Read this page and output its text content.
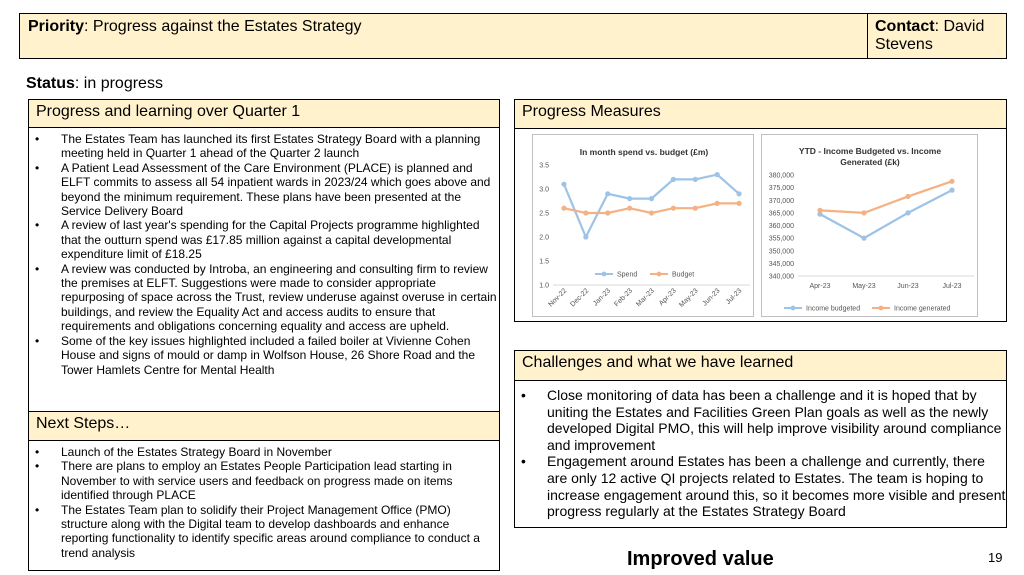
Priority: Progress against the Estates Strategy	Contact: David Stevens
Status: in progress
Progress and learning over Quarter 1
• The Estates Team has launched its first Estates Strategy Board with a planning meeting held in Quarter 1 ahead of the Quarter 2 launch
• A Patient Lead Assessment of the Care Environment (PLACE) is planned and ELFT commits to assess all 54 inpatient wards in 2023/24 which goes above and beyond the minimum requirement. These plans have been presented at the Service Delivery Board
• A review of last year's spending for the Capital Projects programme highlighted that the outturn spend was £17.85 million against a capital developmental expenditure limit of £18.25
• A review was conducted by Introba, an engineering and consulting firm to review the premises at ELFT. Suggestions were made to consider appropriate repurposing of space across the Trust, review underuse against overuse in certain buildings, and review the Equality Act and access audits to ensure that requirements and obligations concerning equality and access are upheld.
• Some of the key issues highlighted included a failed boiler at Vivienne Cohen House and signs of mould or damp in Wolfson House, 26 Shore Road and the Tower Hamlets Centre for Mental Health
Next Steps…
• Launch of the Estates Strategy Board in November
• There are plans to employ an Estates People Participation lead starting in November to with service users and feedback on progress made on items identified through PLACE
• The Estates Team plan to solidify their Project Management Office (PMO) structure along with the Digital team to develop dashboards and enhance reporting functionality to identify specific areas around compliance to conduct a trend analysis
Progress Measures
In month spend vs. budget (£m)
1.0
1.5
2.0
2.5
3.0
3.5
Nov-22 Dec-22 Jan-23 Feb-23 Mar-23 Apr-23 May-23 Jun-23 Jul-23
Spend	Budget
YTD - Income Budgeted vs. Income
Generated (£k)
340,000
345,000
350,000
355,000
360,000
365,000
370,000
375,000
380,000
Apr-23	May-23	Jun-23	Jul-23
Income budgeted	Income generated
Challenges and what we have learned
• Close monitoring of data has been a challenge and it is hoped that by uniting the Estates and Facilities Green Plan goals as well as the newly developed Digital PMO, this will help improve visibility around compliance and improvement
• Engagement around Estates has been a challenge and currently, there are only 12 active QI projects related to Estates. The team is hoping to increase engagement around this, so it becomes more visible and present progress regularly at the Estates Strategy Board
Improved value	19
